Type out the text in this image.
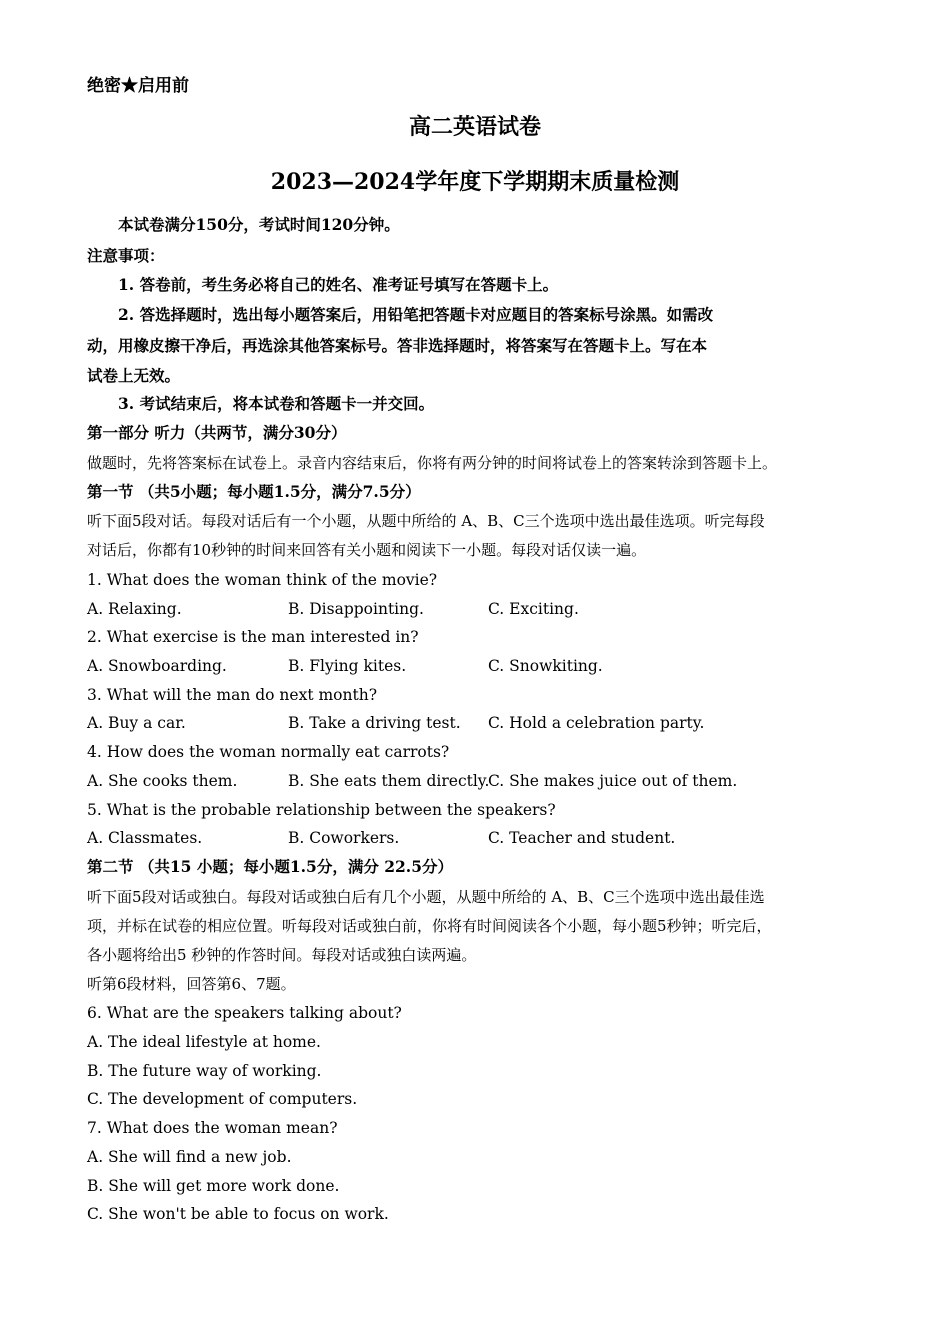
绝密★启用前
高二英语试卷
2023—2024学年度下学期期末质量检测
本试卷满分150分，考试时间120分钟。
注意事项：
1. 答卷前，考生务必将自己的姓名、准考证号填写在答题卡上。
2. 答选择题时，选出每小题答案后，用铅笔把答题卡对应题目的答案标号涂黑。如需改
动，用橡皮擦干净后，再选涂其他答案标号。答非选择题时，将答案写在答题卡上。写在本
试卷上无效。
3. 考试结束后，将本试卷和答题卡一并交回。
第一部分 听力（共两节，满分30分）
做题时，先将答案标在试卷上。录音内容结束后，你将有两分钟的时间将试卷上的答案转涂到答题卡上。
第一节 （共5小题；每小题1.5分，满分7.5分）
听下面5段对话。每段对话后有一个小题，从题中所给的 A、B、C三个选项中选出最佳选项。听完每段
对话后，你都有10秒钟的时间来回答有关小题和阅读下一小题。每段对话仅读一遍。
1. What does the woman think of the movie?
A. Relaxing.	B. Disappointing.	C. Exciting.
2. What exercise is the man interested in?
A. Snowboarding.	B. Flying kites.	C. Snowkiting.
3. What will the man do next month?
A. Buy a car.	B. Take a driving test. C. Hold a celebration party.
4. How does the woman normally eat carrots?
A. She cooks them.	B. She eats them directly.
C. She makes juice out of them.
5. What is the probable relationship between the speakers?
A. Classmates.	B. Coworkers.	C. Teacher and student.
第二节 （共15 小题；每小题1.5分，满分 22.5分）
听下面5段对话或独白。每段对话或独白后有几个小题，从题中所给的 A、B、C三个选项中选出最佳选
项，并标在试卷的相应位置。听每段对话或独白前，你将有时间阅读各个小题，每小题5秒钟；听完后，
各小题将给出5 秒钟的作答时间。每段对话或独白读两遍。
听第6段材料，回答第6、7题。
6. What are the speakers talking about?
A. The ideal lifestyle at home.
B. The future way of working.
C. The development of computers.
7. What does the woman mean?
A. She will find a new job.
B. She will get more work done.
C. She won't be able to focus on work.
